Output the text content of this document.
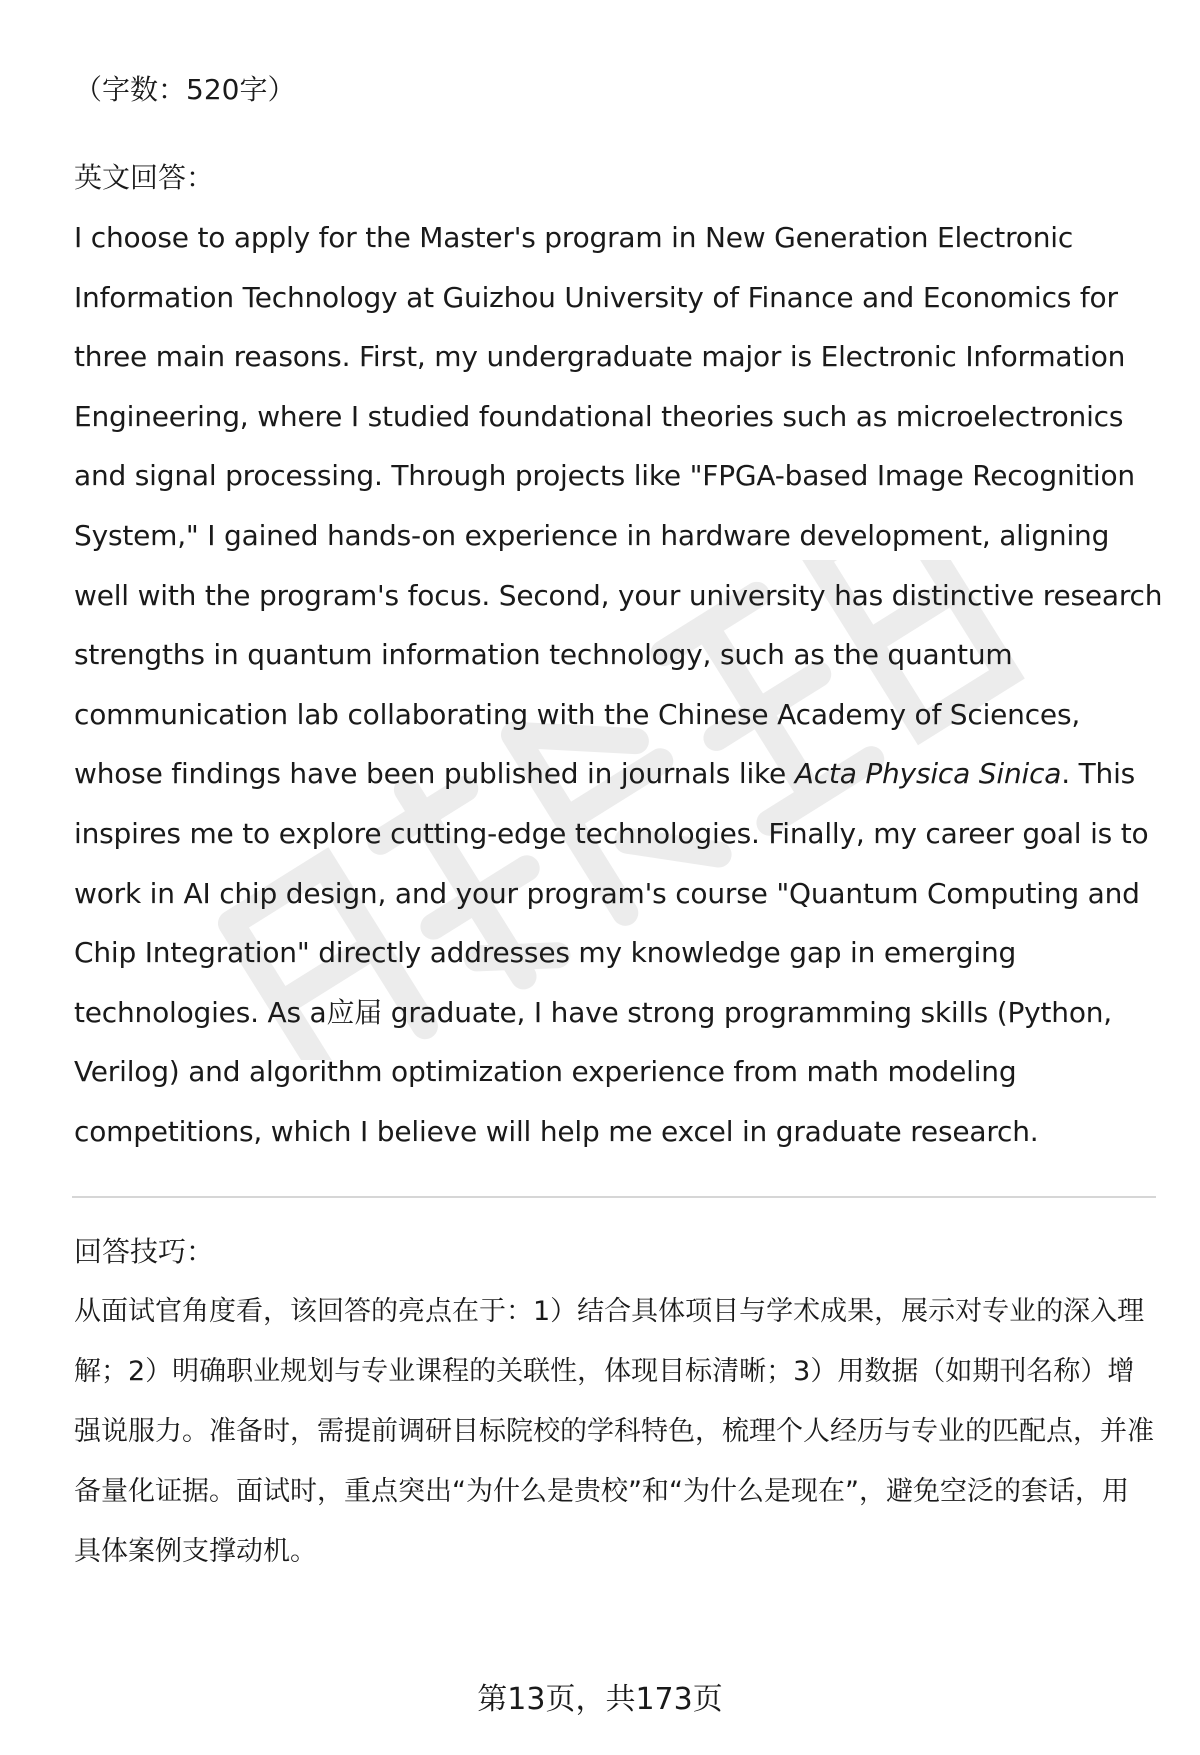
（字数：520字）

英文回答：

I choose to apply for the Master's program in New Generation Electronic Information Technology at Guizhou University of Finance and Economics for three main reasons. First, my undergraduate major is Electronic Information Engineering, where I studied foundational theories such as microelectronics and signal processing. Through projects like "FPGA-based Image Recognition System," I gained hands-on experience in hardware development, aligning well with the program's focus. Second, your university has distinctive research strengths in quantum information technology, such as the quantum communication lab collaborating with the Chinese Academy of Sciences, whose findings have been published in journals like Acta Physica Sinica. This inspires me to explore cutting-edge technologies. Finally, my career goal is to work in AI chip design, and your program's course "Quantum Computing and Chip Integration" directly addresses my knowledge gap in emerging technologies. As a应届 graduate, I have strong programming skills (Python, Verilog) and algorithm optimization experience from math modeling competitions, which I believe will help me excel in graduate research.

回答技巧：

从面试官角度看，该回答的亮点在于：1）结合具体项目与学术成果，展示对专业的深入理解；2）明确职业规划与专业课程的关联性，体现目标清晰；3）用数据（如期刊名称）增强说服力。准备时，需提前调研目标院校的学科特色，梳理个人经历与专业的匹配点，并准备量化证据。面试时，重点突出“为什么是贵校”和“为什么是现在”，避免空泛的套话，用具体案例支撑动机。

第13页，共173页
